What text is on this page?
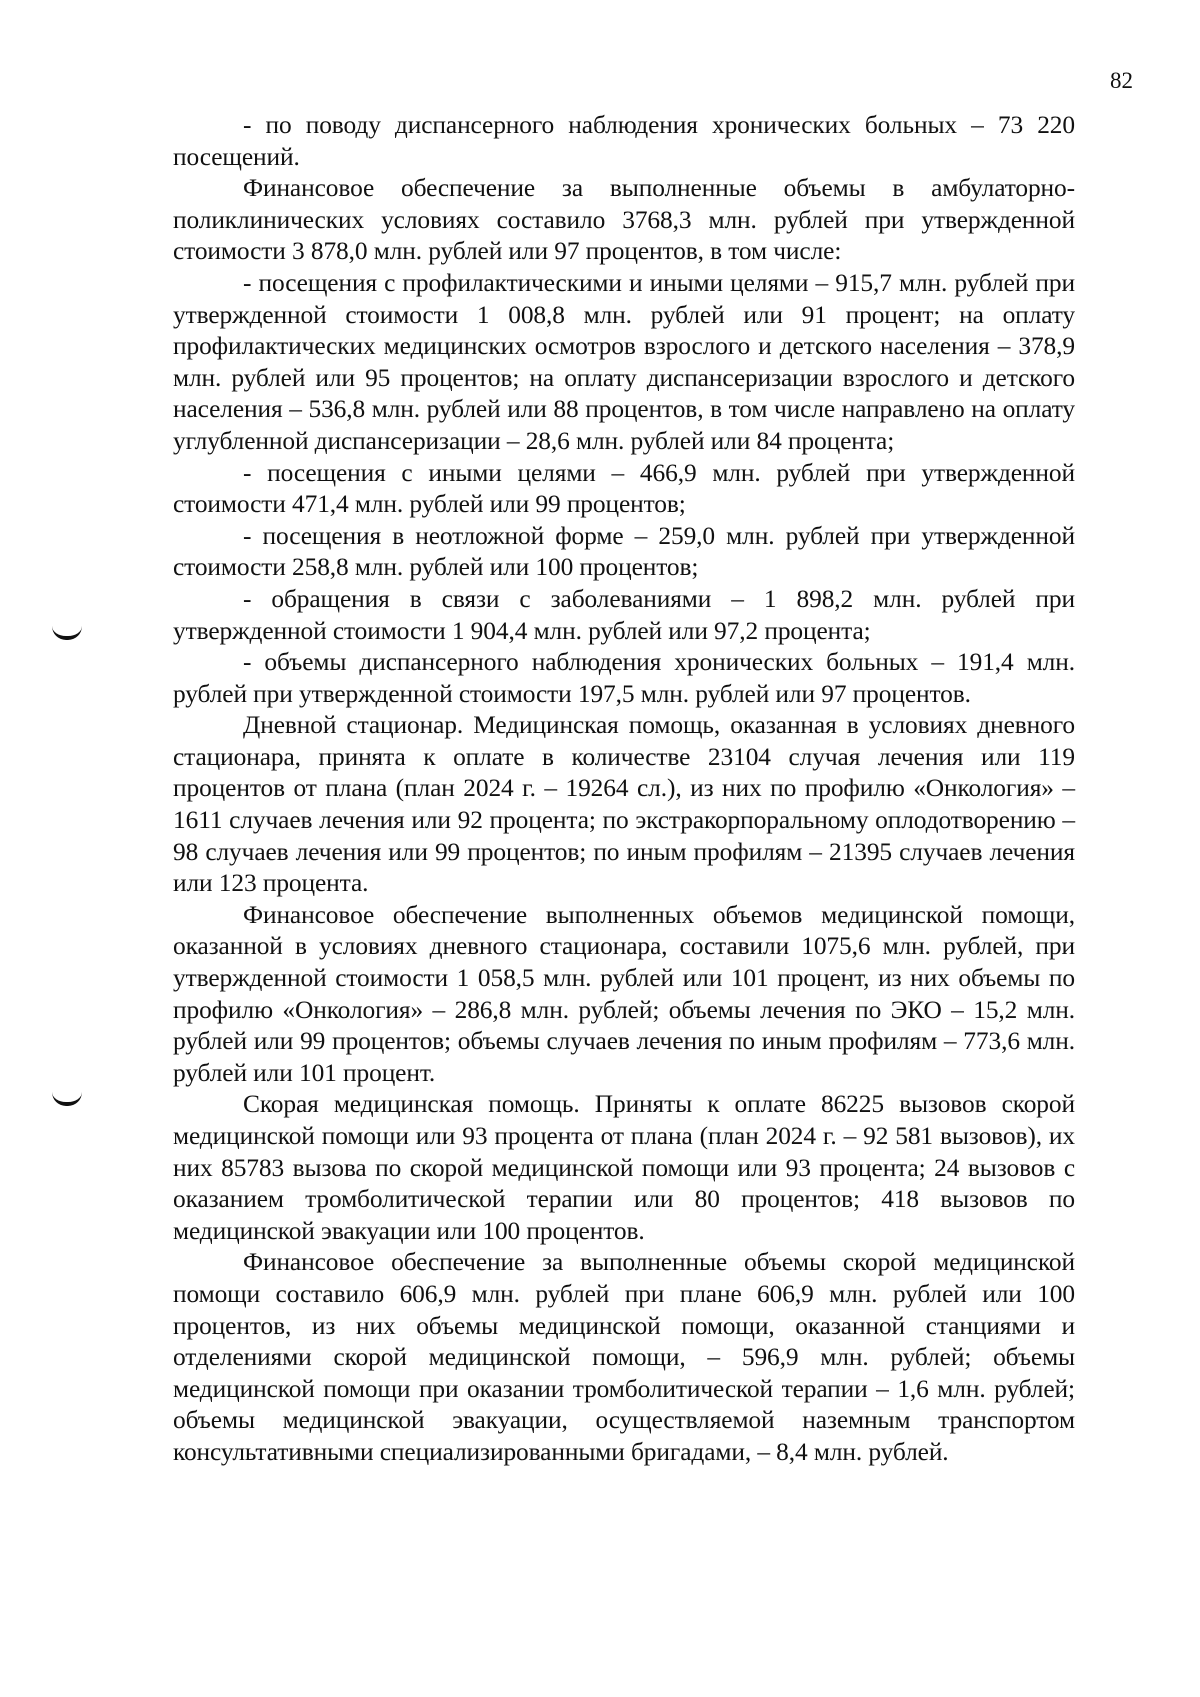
82

- по поводу диспансерного наблюдения хронических больных – 73 220 посещений.

Финансовое обеспечение за выполненные объемы в амбулаторно-поликлинических условиях составило 3768,3 млн. рублей при утвержденной стоимости 3 878,0 млн. рублей или 97 процентов, в том числе:

- посещения с профилактическими и иными целями – 915,7 млн. рублей при утвержденной стоимости 1 008,8 млн. рублей или 91 процент; на оплату профилактических медицинских осмотров взрослого и детского населения – 378,9 млн. рублей или 95 процентов; на оплату диспансеризации взрослого и детского населения – 536,8 млн. рублей или 88 процентов, в том числе направлено на оплату углубленной диспансеризации – 28,6 млн. рублей или 84 процента;

- посещения с иными целями – 466,9 млн. рублей при утвержденной стоимости 471,4 млн. рублей или 99 процентов;

- посещения в неотложной форме – 259,0 млн. рублей при утвержденной стоимости 258,8 млн. рублей или 100 процентов;

- обращения в связи с заболеваниями – 1 898,2 млн. рублей при утвержденной стоимости 1 904,4 млн. рублей или 97,2 процента;

- объемы диспансерного наблюдения хронических больных – 191,4 млн. рублей при утвержденной стоимости 197,5 млн. рублей или 97 процентов.

Дневной стационар. Медицинская помощь, оказанная в условиях дневного стационара, принята к оплате в количестве 23104 случая лечения или 119 процентов от плана (план 2024 г. – 19264 сл.), из них по профилю «Онкология» – 1611 случаев лечения или 92 процента; по экстракорпоральному оплодотворению – 98 случаев лечения или 99 процентов; по иным профилям – 21395 случаев лечения или 123 процента.

Финансовое обеспечение выполненных объемов медицинской помощи, оказанной в условиях дневного стационара, составили 1075,6 млн. рублей, при утвержденной стоимости 1 058,5 млн. рублей или 101 процент, из них объемы по профилю «Онкология» – 286,8 млн. рублей; объемы лечения по ЭКО – 15,2 млн. рублей или 99 процентов; объемы случаев лечения по иным профилям – 773,6 млн. рублей или 101 процент.

Скорая медицинская помощь. Приняты к оплате 86225 вызовов скорой медицинской помощи или 93 процента от плана (план 2024 г. – 92 581 вызовов), их них 85783 вызова по скорой медицинской помощи или 93 процента; 24 вызовов с оказанием тромболитической терапии или 80 процентов; 418 вызовов по медицинской эвакуации или 100 процентов.

Финансовое обеспечение за выполненные объемы скорой медицинской помощи составило 606,9 млн. рублей при плане 606,9 млн. рублей или 100 процентов, из них объемы медицинской помощи, оказанной станциями и отделениями скорой медицинской помощи, – 596,9 млн. рублей; объемы медицинской помощи при оказании тромболитической терапии – 1,6 млн. рублей; объемы медицинской эвакуации, осуществляемой наземным транспортом консультативными специализированными бригадами, – 8,4 млн. рублей.
